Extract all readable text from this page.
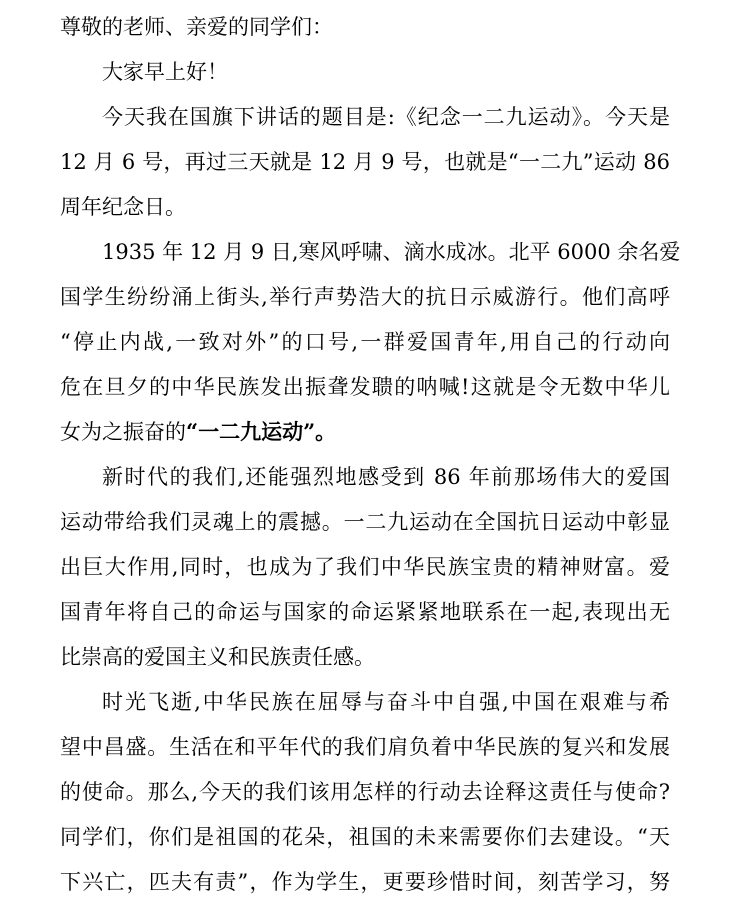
尊敬的老师、亲爱的同学们：
大家早上好！
今天我在国旗下讲话的题目是:《纪念一二九运动》。今天是
12 月 6 号，再过三天就是 12 月 9 号，也就是“一二九”运动 86
周年纪念日。
1935 年 12 月 9 日,寒风呼啸、滴水成冰。北平 6000 余名爱
国学生纷纷涌上街头,举行声势浩大的抗日示威游行。他们高呼
“停止内战,一致对外”的口号,一群爱国青年,用自己的行动向
危在旦夕的中华民族发出振聋发聩的呐喊!这就是令无数中华儿
女为之振奋的“一二九运动”。
新时代的我们,还能强烈地感受到 86 年前那场伟大的爱国
运动带给我们灵魂上的震撼。一二九运动在全国抗日运动中彰显
出巨大作用,同时，也成为了我们中华民族宝贵的精神财富。爱
国青年将自己的命运与国家的命运紧紧地联系在一起,表现出无
比崇高的爱国主义和民族责任感。
时光飞逝,中华民族在屈辱与奋斗中自强,中国在艰难与希
望中昌盛。生活在和平年代的我们肩负着中华民族的复兴和发展
的使命。那么,今天的我们该用怎样的行动去诠释这责任与使命?
同学们，你们是祖国的花朵，祖国的未来需要你们去建设。“天
下兴亡，匹夫有责”，作为学生，更要珍惜时间，刻苦学习，努
